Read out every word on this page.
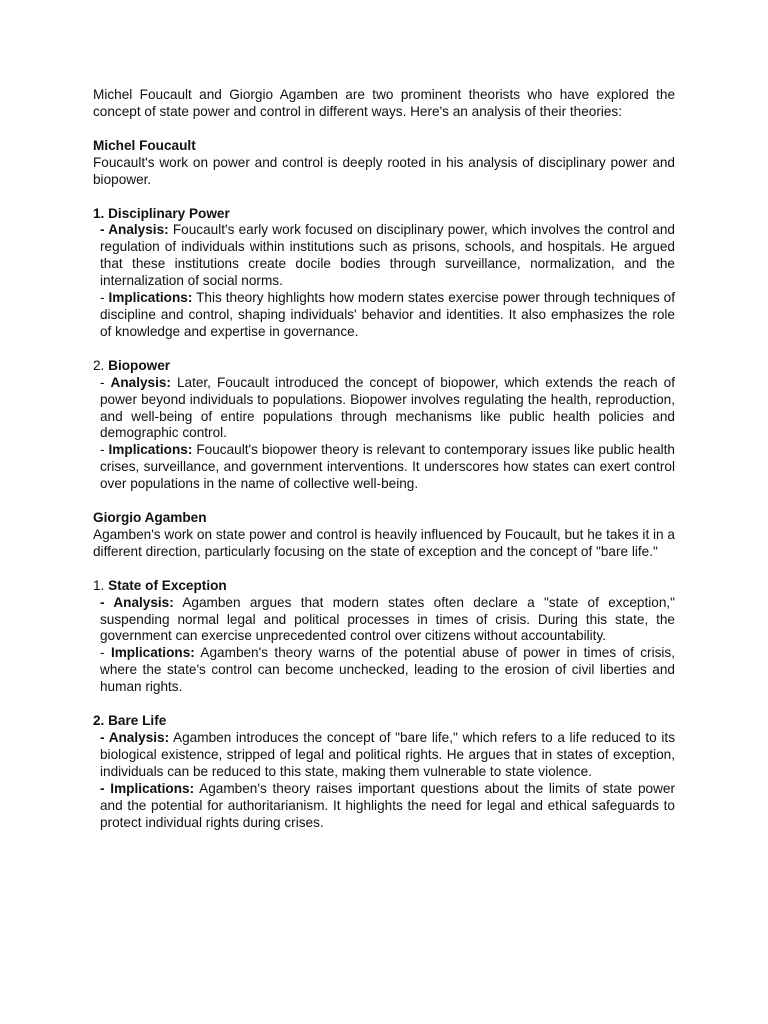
Michel Foucault and Giorgio Agamben are two prominent theorists who have explored the concept of state power and control in different ways. Here's an analysis of their theories:

Michel Foucault

Foucault's work on power and control is deeply rooted in his analysis of disciplinary power and biopower.

1. Disciplinary Power

- Analysis: Foucault's early work focused on disciplinary power, which involves the control and regulation of individuals within institutions such as prisons, schools, and hospitals. He argued that these institutions create docile bodies through surveillance, normalization, and the internalization of social norms.

- Implications: This theory highlights how modern states exercise power through techniques of discipline and control, shaping individuals' behavior and identities. It also emphasizes the role of knowledge and expertise in governance.

2. Biopower

- Analysis: Later, Foucault introduced the concept of biopower, which extends the reach of power beyond individuals to populations. Biopower involves regulating the health, reproduction, and well-being of entire populations through mechanisms like public health policies and demographic control.

- Implications: Foucault's biopower theory is relevant to contemporary issues like public health crises, surveillance, and government interventions. It underscores how states can exert control over populations in the name of collective well-being.

Giorgio Agamben

Agamben's work on state power and control is heavily influenced by Foucault, but he takes it in a different direction, particularly focusing on the state of exception and the concept of "bare life."

1. State of Exception

- Analysis: Agamben argues that modern states often declare a "state of exception," suspending normal legal and political processes in times of crisis. During this state, the government can exercise unprecedented control over citizens without accountability.

- Implications: Agamben's theory warns of the potential abuse of power in times of crisis, where the state's control can become unchecked, leading to the erosion of civil liberties and human rights.

2. Bare Life

- Analysis: Agamben introduces the concept of "bare life," which refers to a life reduced to its biological existence, stripped of legal and political rights. He argues that in states of exception, individuals can be reduced to this state, making them vulnerable to state violence.

- Implications: Agamben's theory raises important questions about the limits of state power and the potential for authoritarianism. It highlights the need for legal and ethical safeguards to protect individual rights during crises.
